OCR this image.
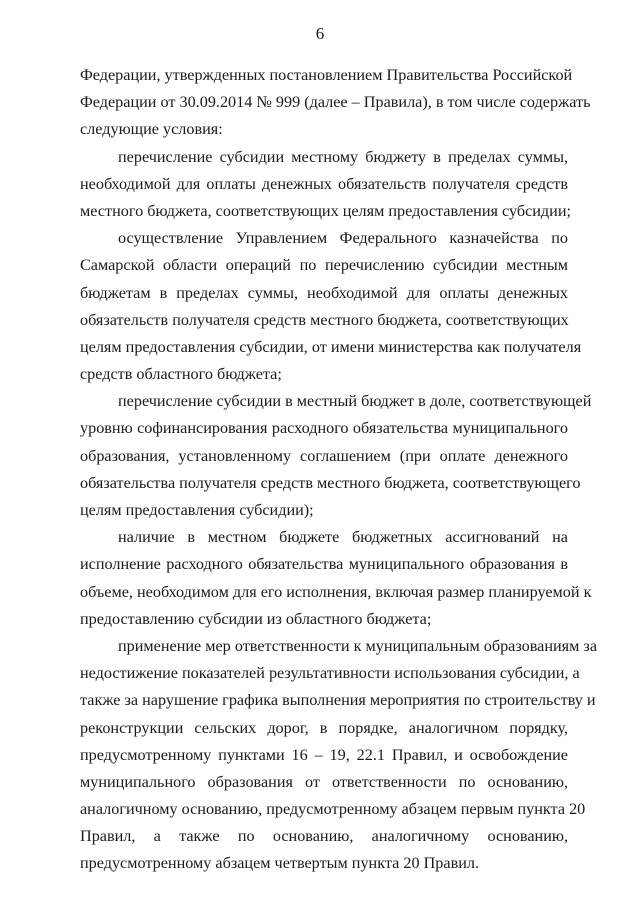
6
Федерации, утвержденных постановлением Правительства Российской
Федерации от 30.09.2014 № 999 (далее – Правила), в том числе содержать
следующие условия:
перечисление субсидии местному бюджету в пределах суммы,
необходимой для оплаты денежных обязательств получателя средств
местного бюджета, соответствующих целям предоставления субсидии;
осуществление Управлением Федерального казначейства по
Самарской области операций по перечислению субсидии местным
бюджетам в пределах суммы, необходимой для оплаты денежных
обязательств получателя средств местного бюджета, соответствующих
целям предоставления субсидии, от имени министерства как получателя
средств областного бюджета;
перечисление субсидии в местный бюджет в доле, соответствующей
уровню софинансирования расходного обязательства муниципального
образования, установленному соглашением (при оплате денежного
обязательства получателя средств местного бюджета, соответствующего
целям предоставления субсидии);
наличие в местном бюджете бюджетных ассигнований на
исполнение расходного обязательства муниципального образования в
объеме, необходимом для его исполнения, включая размер планируемой к
предоставлению субсидии из областного бюджета;
применение мер ответственности к муниципальным образованиям за
недостижение показателей результативности использования субсидии, а
также за нарушение графика выполнения мероприятия по строительству и
реконструкции сельских дорог, в порядке, аналогичном порядку,
предусмотренному пунктами 16 – 19, 22.1 Правил, и освобождение
муниципального образования от ответственности по основанию,
аналогичному основанию, предусмотренному абзацем первым пункта 20
Правил, а также по основанию, аналогичному основанию,
предусмотренному абзацем четвертым пункта 20 Правил.
